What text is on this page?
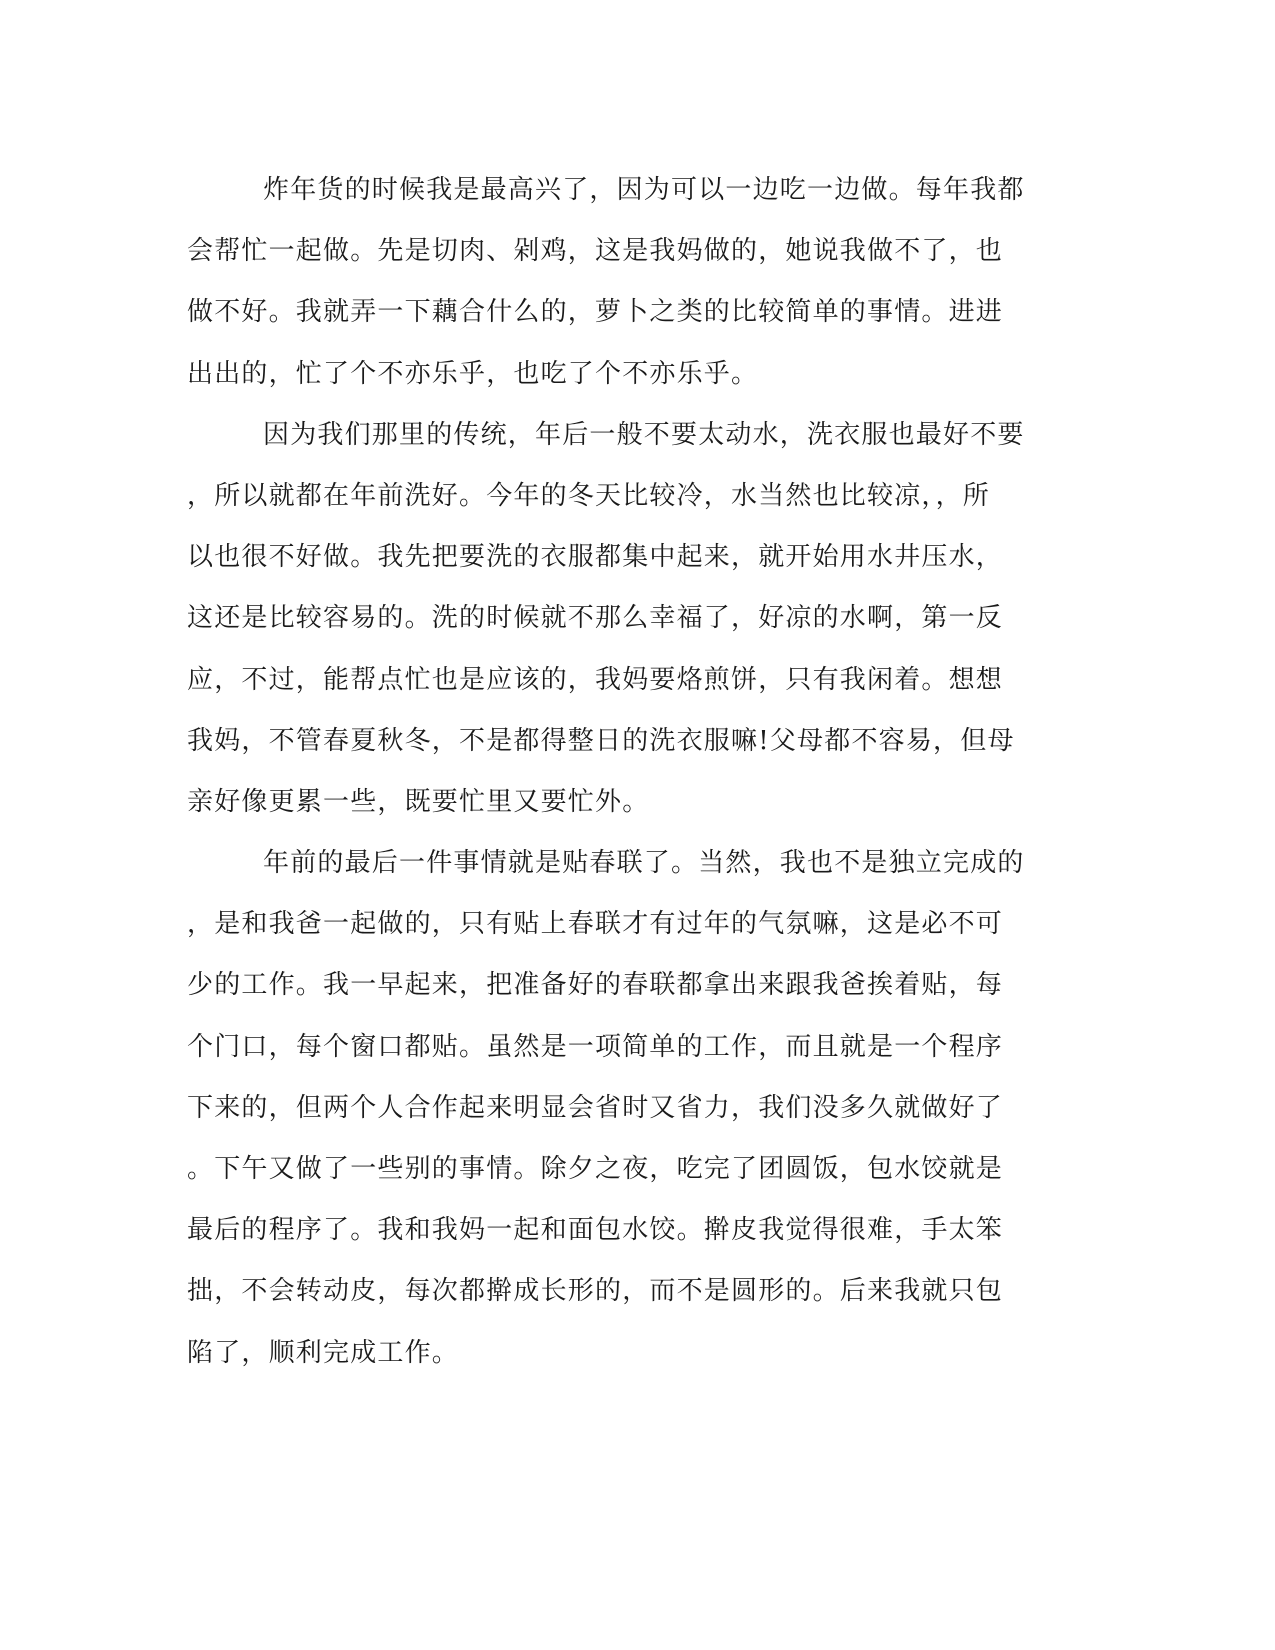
炸年货的时候我是最高兴了，因为可以一边吃一边做。每年我都
会帮忙一起做。先是切肉、剁鸡，这是我妈做的，她说我做不了，也
做不好。我就弄一下藕合什么的，萝卜之类的比较简单的事情。进进
出出的，忙了个不亦乐乎，也吃了个不亦乐乎。
因为我们那里的传统，年后一般不要太动水，洗衣服也最好不要
，所以就都在年前洗好。今年的冬天比较冷，水当然也比较凉，，所
以也很不好做。我先把要洗的衣服都集中起来，就开始用水井压水，
这还是比较容易的。洗的时候就不那么幸福了，好凉的水啊，第一反
应，不过，能帮点忙也是应该的，我妈要烙煎饼，只有我闲着。想想
我妈，不管春夏秋冬，不是都得整日的洗衣服嘛!父母都不容易，但母
亲好像更累一些，既要忙里又要忙外。
年前的最后一件事情就是贴春联了。当然，我也不是独立完成的
，是和我爸一起做的，只有贴上春联才有过年的气氛嘛，这是必不可
少的工作。我一早起来，把准备好的春联都拿出来跟我爸挨着贴，每
个门口，每个窗口都贴。虽然是一项简单的工作，而且就是一个程序
下来的，但两个人合作起来明显会省时又省力，我们没多久就做好了
。下午又做了一些别的事情。除夕之夜，吃完了团圆饭，包水饺就是
最后的程序了。我和我妈一起和面包水饺。擀皮我觉得很难，手太笨
拙，不会转动皮，每次都擀成长形的，而不是圆形的。后来我就只包
陷了，顺利完成工作。
